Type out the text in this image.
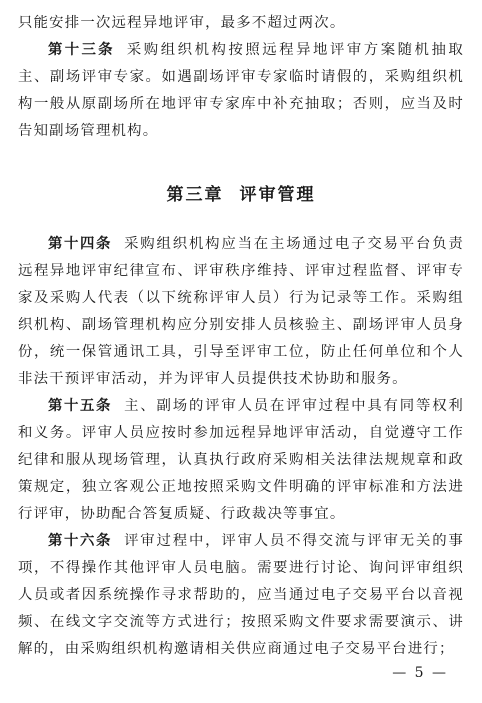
只能安排一次远程异地评审，最多不超过两次。

第十三条 采购组织机构按照远程异地评审方案随机抽取主、副场评审专家。如遇副场评审专家临时请假的，采购组织机构一般从原副场所在地评审专家库中补充抽取；否则，应当及时告知副场管理机构。

第三章 评审管理

第十四条 采购组织机构应当在主场通过电子交易平台负责远程异地评审纪律宣布、评审秩序维持、评审过程监督、评审专家及采购人代表（以下统称评审人员）行为记录等工作。采购组织机构、副场管理机构应分别安排人员核验主、副场评审人员身份，统一保管通讯工具，引导至评审工位，防止任何单位和个人非法干预评审活动，并为评审人员提供技术协助和服务。

第十五条 主、副场的评审人员在评审过程中具有同等权利和义务。评审人员应按时参加远程异地评审活动，自觉遵守工作纪律和服从现场管理，认真执行政府采购相关法律法规规章和政策规定，独立客观公正地按照采购文件明确的评审标准和方法进行评审，协助配合答复质疑、行政裁决等事宜。

第十六条 评审过程中，评审人员不得交流与评审无关的事项，不得操作其他评审人员电脑。需要进行讨论、询问评审组织人员或者因系统操作寻求帮助的，应当通过电子交易平台以音视频、在线文字交流等方式进行；按照采购文件要求需要演示、讲解的，由采购组织机构邀请相关供应商通过电子交易平台进行；

— 5 —
